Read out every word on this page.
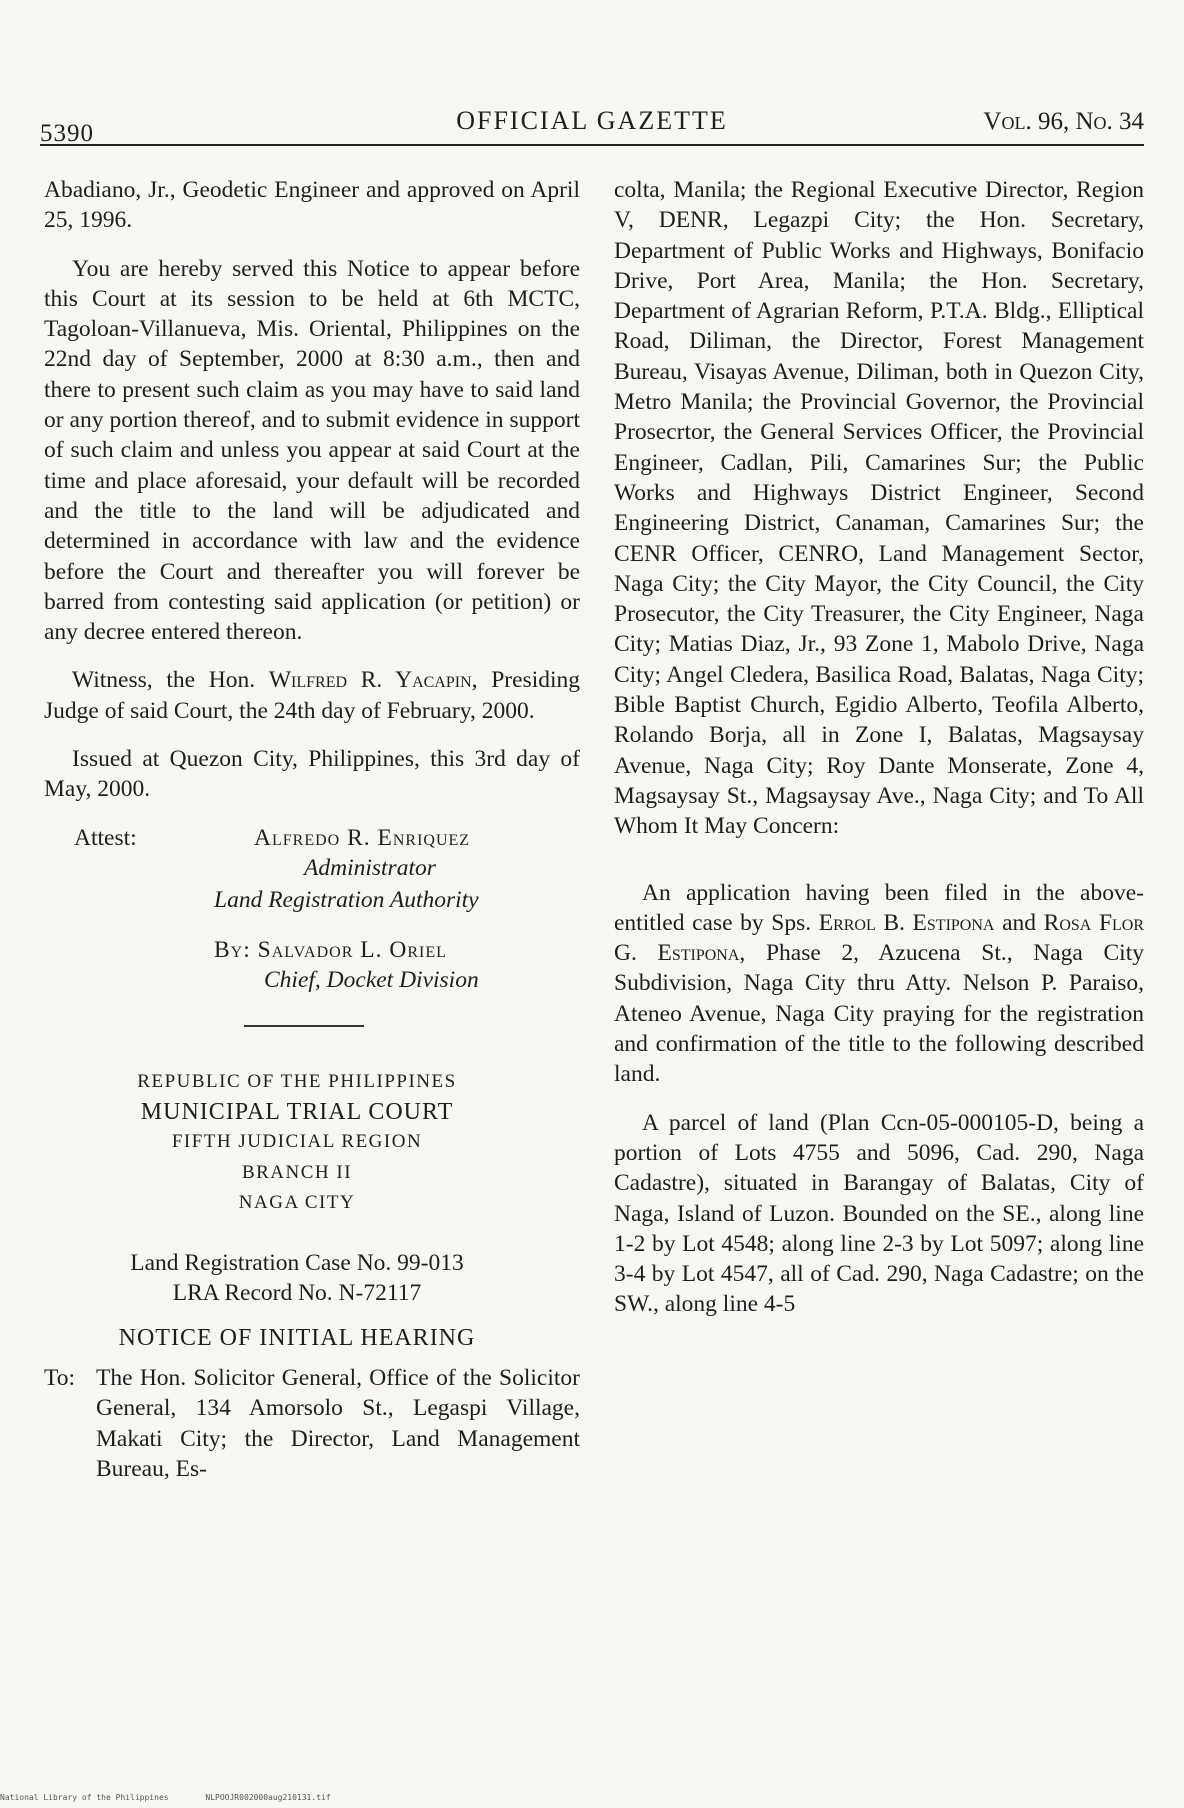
5390	OFFICIAL GAZETTE	Vol. 96, No. 34

Abadiano, Jr., Geodetic Engineer and approved on April 25, 1996.

You are hereby served this Notice to appear before this Court at its session to be held at 6th MCTC, Tagoloan-Villanueva, Mis. Oriental, Philippines on the 22nd day of September, 2000 at 8:30 a.m., then and there to present such claim as you may have to said land or any portion thereof, and to submit evidence in support of such claim and unless you appear at said Court at the time and place aforesaid, your default will be recorded and the title to the land will be adjudicated and determined in accordance with law and the evidence before the Court and thereafter you will forever be barred from contesting said application (or petition) or any decree entered thereon.

Witness, the Hon. Wilfred R. Yacapin, Presiding Judge of said Court, the 24th day of February, 2000.

Issued at Quezon City, Philippines, this 3rd day of May, 2000.

Attest:	Alfredo R. Enriquez
Administrator
Land Registration Authority
By: Salvador L. Oriel
Chief, Docket Division
REPUBLIC OF THE PHILIPPINES
MUNICIPAL TRIAL COURT
FIFTH JUDICIAL REGION
BRANCH II
NAGA CITY
Land Registration Case No. 99-013
LRA Record No. N-72117
NOTICE OF INITIAL HEARING
To: The Hon. Solicitor General, Office of the Solicitor General, 134 Amorsolo St., Legaspi Village, Makati City; the Director, Land Management Bureau, Es-
colta, Manila; the Regional Executive Director, Region V, DENR, Legazpi City; the Hon. Secretary, Department of Public Works and Highways, Bonifacio Drive, Port Area, Manila; the Hon. Secretary, Department of Agrarian Reform, P.T.A. Bldg., Elliptical Road, Diliman, the Director, Forest Management Bureau, Visayas Avenue, Diliman, both in Quezon City, Metro Manila; the Provincial Governor, the Provincial Prosecrtor, the General Services Officer, the Provincial Engineer, Cadlan, Pili, Camarines Sur; the Public Works and Highways District Engineer, Second Engineering District, Canaman, Camarines Sur; the CENR Officer, CENRO, Land Management Sector, Naga City; the City Mayor, the City Council, the City Prosecutor, the City Treasurer, the City Engineer, Naga City; Matias Diaz, Jr., 93 Zone 1, Mabolo Drive, Naga City; Angel Cledera, Basilica Road, Balatas, Naga City; Bible Baptist Church, Egidio Alberto, Teofila Alberto, Rolando Borja, all in Zone I, Balatas, Magsaysay Avenue, Naga City; Roy Dante Monserate, Zone 4, Magsaysay St., Magsaysay Ave., Naga City; and To All Whom It May Concern:

An application having been filed in the above-entitled case by Sps. Errol B. Estipona and Rosa Flor G. Estipona, Phase 2, Azucena St., Naga City Subdivision, Naga City thru Atty. Nelson P. Paraiso, Ateneo Avenue, Naga City praying for the registration and confirmation of the title to the following described land.

A parcel of land (Plan Ccn-05-000105-D, being a portion of Lots 4755 and 5096, Cad. 290, Naga Cadastre), situated in Barangay of Balatas, City of Naga, Island of Luzon. Bounded on the SE., along line 1-2 by Lot 4548; along line 2-3 by Lot 5097; along line 3-4 by Lot 4547, all of Cad. 290, Naga Cadastre; on the SW., along line 4-5

National Library of the Philippines	NLPOOJR002000aug210131.tif
